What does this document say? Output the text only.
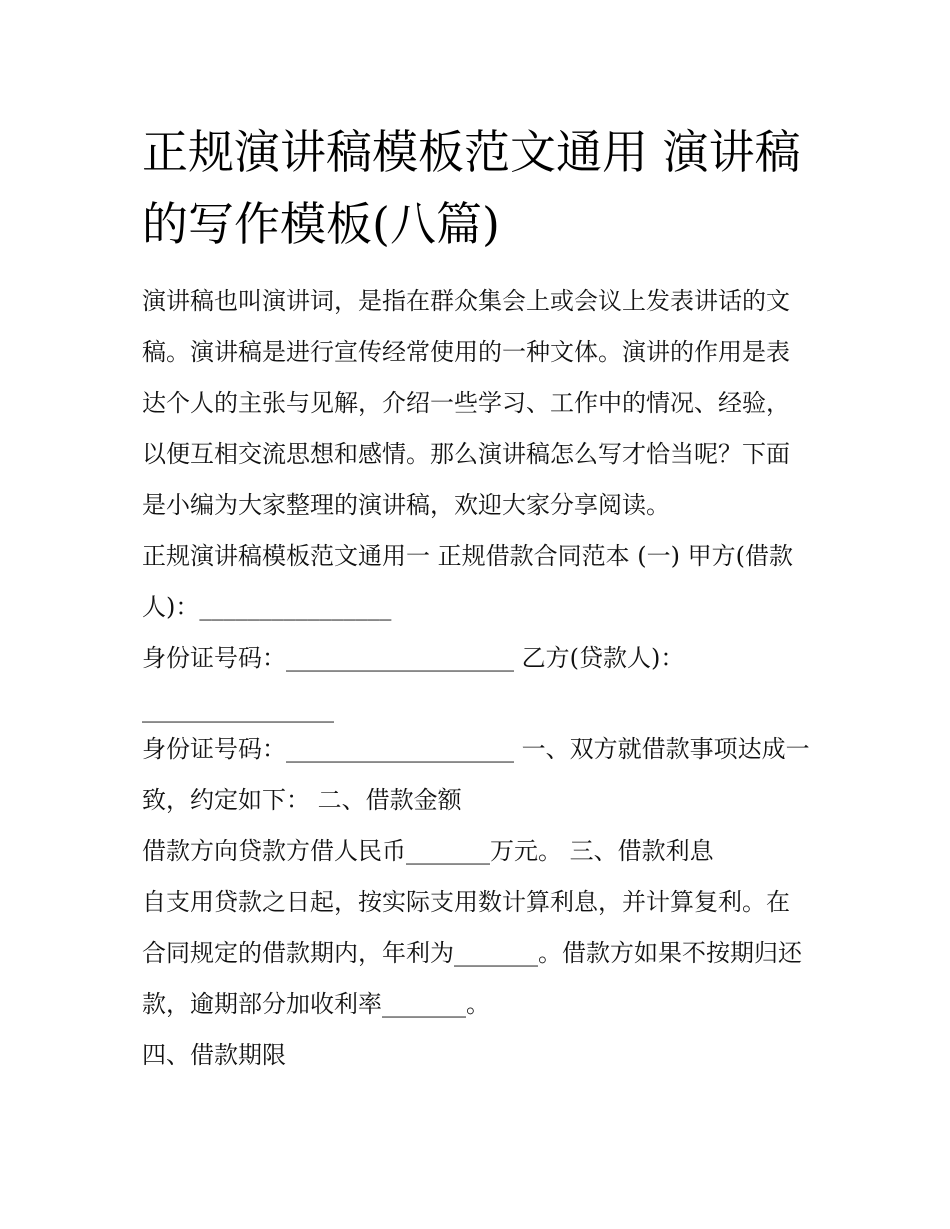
正规演讲稿模板范文通用 演讲稿的写作模板(八篇)

演讲稿也叫演讲词，是指在群众集会上或会议上发表讲话的文稿。演讲稿是进行宣传经常使用的一种文体。演讲的作用是表达个人的主张与见解，介绍一些学习、工作中的情况、经验，以便互相交流思想和感情。那么演讲稿怎么写才恰当呢？下面是小编为大家整理的演讲稿，欢迎大家分享阅读。

正规演讲稿模板范文通用一 正规借款合同范本 (一) 甲方(借款人)：________________

身份证号码：___________________ 乙方(贷款人)：________________

身份证号码：___________________ 一、双方就借款事项达成一致，约定如下： 二、借款金额

借款方向贷款方借人民币_______万元。 三、借款利息

自支用贷款之日起，按实际支用数计算利息，并计算复利。在合同规定的借款期内，年利为_______。借款方如果不按期归还款，逾期部分加收利率_______。

四、借款期限
